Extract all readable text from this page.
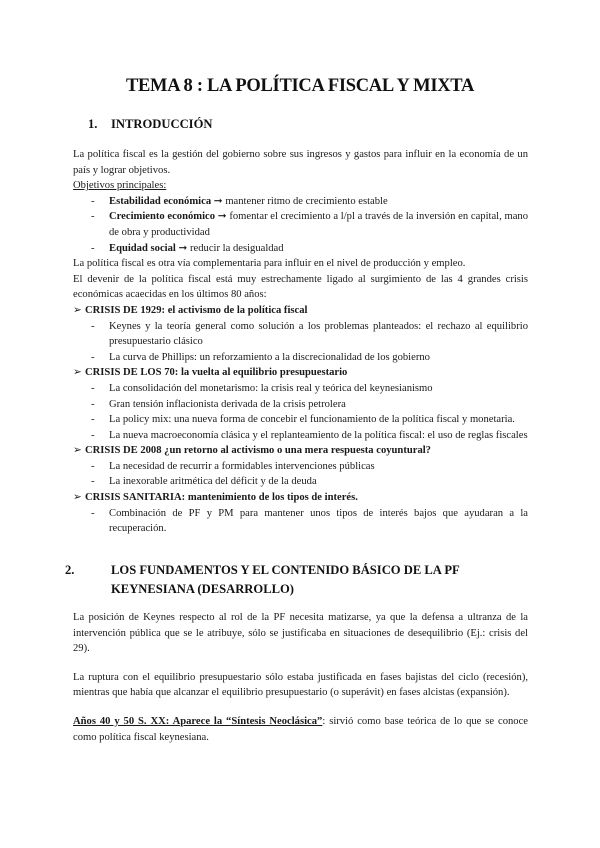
TEMA 8 : LA POLÍTICA FISCAL Y MIXTA
1. INTRODUCCIÓN

La política fiscal es la gestión del gobierno sobre sus ingresos y gastos para influir en la economía de un país y lograr objetivos.

Objetivos principales:

- Estabilidad económica ➞ mantener ritmo de crecimiento estable

- Crecimiento económico ➞ fomentar el crecimiento a l/pl a través de la inversión en capital, mano de obra y productividad

- Equidad social ➞ reducir la desigualdad

La política fiscal es otra vía complementaria para influir en el nivel de producción y empleo.

El devenir de la política fiscal está muy estrechamente ligado al surgimiento de las 4 grandes crisis económicas acaecidas en los últimos 80 años:

➢ CRISIS DE 1929: el activismo de la política fiscal

- Keynes y la teoría general como solución a los problemas planteados: el rechazo al equilibrio presupuestario clásico

- La curva de Phillips: un reforzamiento a la discrecionalidad de los gobierno

➢ CRISIS DE LOS 70: la vuelta al equilibrio presupuestario

- La consolidación del monetarismo: la crisis real y teórica del keynesianismo

- Gran tensión inflacionista derivada de la crisis petrolera

- La policy mix: una nueva forma de concebir el funcionamiento de la política fiscal y monetaria.

- La nueva macroeconomía clásica y el replanteamiento de la política fiscal: el uso de reglas fiscales

➢ CRISIS DE 2008 ¿un retorno al activismo o una mera respuesta coyuntural?

- La necesidad de recurrir a formidables intervenciones públicas

- La inexorable aritmética del déficit y de la deuda

➢ CRISIS SANITARIA: mantenimiento de los tipos de interés.

- Combinación de PF y PM para mantener unos tipos de interés bajos que ayudaran a la recuperación.

2.	LOS FUNDAMENTOS Y EL CONTENIDO BÁSICO DE LA PF KEYNESIANA (DESARROLLO)

La posición de Keynes respecto al rol de la PF necesita matizarse, ya que la defensa a ultranza de la intervención pública que se le atribuye, sólo se justificaba en situaciones de desequilibrio (Ej.: crisis del 29).

La ruptura con el equilibrio presupuestario sólo estaba justificada en fases bajistas del ciclo (recesión), mientras que había que alcanzar el equilibrio presupuestario (o superávit) en fases alcistas (expansión).

Años 40 y 50 S. XX: Aparece la “Síntesis Neoclásica”: sirvió como base teórica de lo que se conoce como política fiscal keynesiana.
